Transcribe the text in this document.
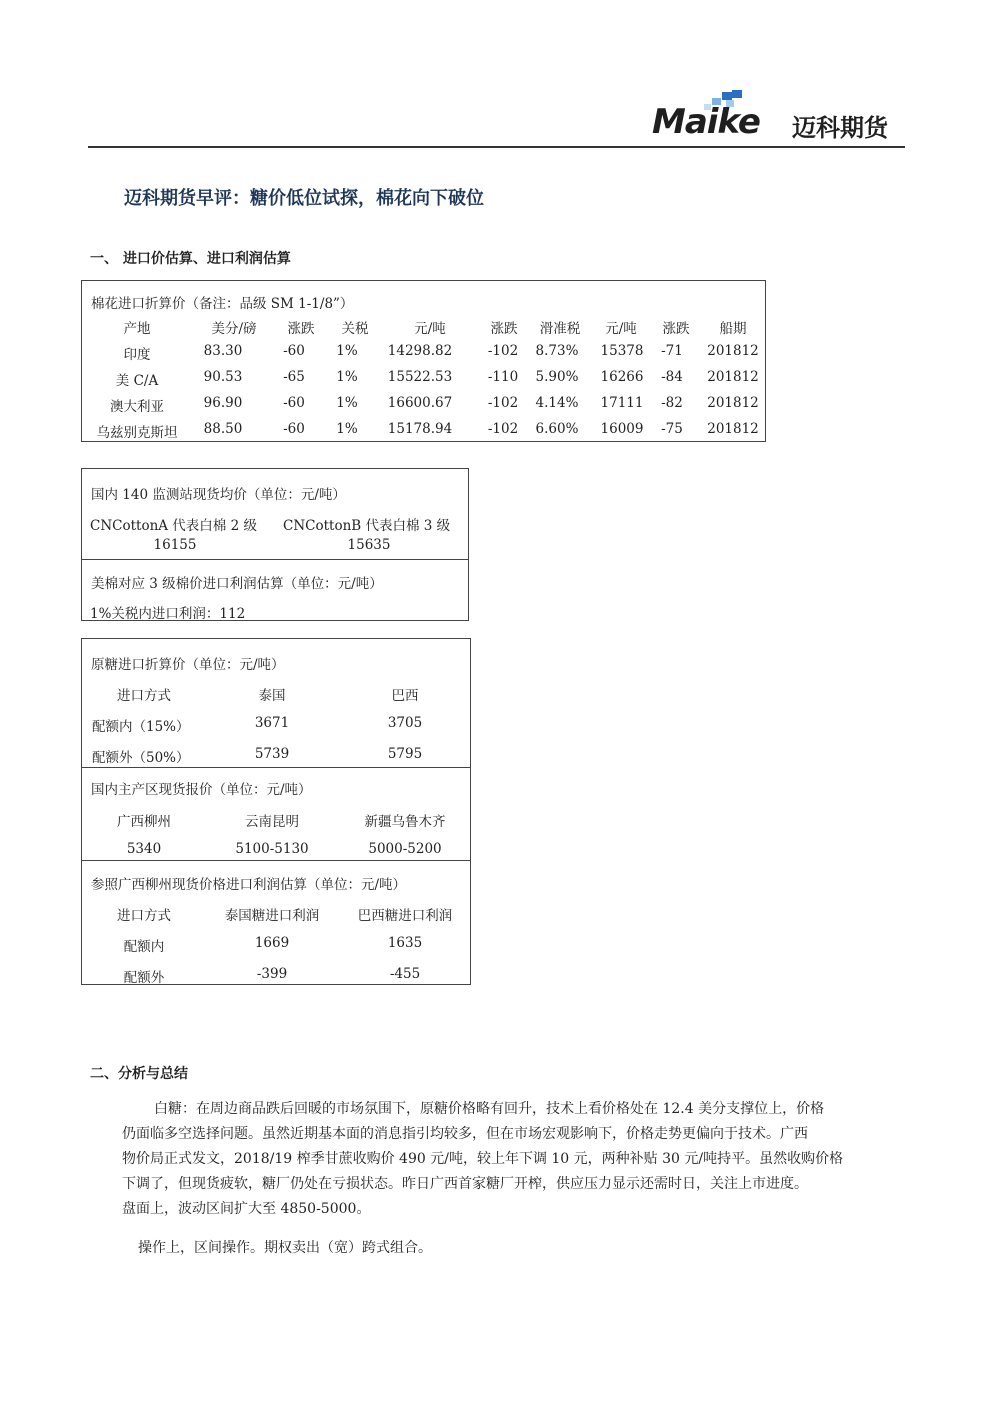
Maike 迈科期货
迈科期货早评：糖价低位试探，棉花向下破位
一、 进口价估算、进口利润估算
棉花进口折算价（备注：品级 SM 1-1/8”）
产地	美分/磅 涨跌 关税	元/吨	涨跌 滑准税 元/吨 涨跌 船期
印度	83.30	-60 1% 14298.82	-102 8.73% 15378 -71 201812
美 C/A	90.53	-65 1% 15522.53	-110 5.90% 16266 -84 201812
澳大利亚	96.90	-60 1% 16600.67	-102 4.14% 17111 -82 201812
乌兹别克斯坦 88.50	-60 1% 15178.94	-102 6.60% 16009 -75 201812
国内 140 监测站现货均价（单位：元/吨）
CNCottonA 代表白棉 2 级 CNCottonB 代表白棉 3 级
16155	15635
美棉对应 3 级棉价进口利润估算（单位：元/吨）
1%关税内进口利润：112
原糖进口折算价（单位：元/吨）
进口方式	泰国	巴西
配额内（15%）	3671	3705
配额外（50%）	5739	5795
国内主产区现货报价（单位：元/吨）
广西柳州	云南昆明	新疆乌鲁木齐
5340	5100-5130	5000-5200
参照广西柳州现货价格进口利润估算（单位：元/吨）
进口方式	泰国糖进口利润	巴西糖进口利润
配额内	1669	1635
配额外	-399	-455
二、分析与总结
白糖：在周边商品跌后回暖的市场氛围下，原糖价格略有回升，技术上看价格处在 12.4 美分支撑位上，价格
仍面临多空选择问题。虽然近期基本面的消息指引均较多，但在市场宏观影响下，价格走势更偏向于技术。广西
物价局正式发文，2018/19 榨季甘蔗收购价 490 元/吨，较上年下调 10 元，两种补贴 30 元/吨持平。虽然收购价格
下调了，但现货疲软，糖厂仍处在亏损状态。昨日广西首家糖厂开榨，供应压力显示还需时日，关注上市进度。
盘面上，波动区间扩大至 4850-5000。
操作上，区间操作。期权卖出（宽）跨式组合。
